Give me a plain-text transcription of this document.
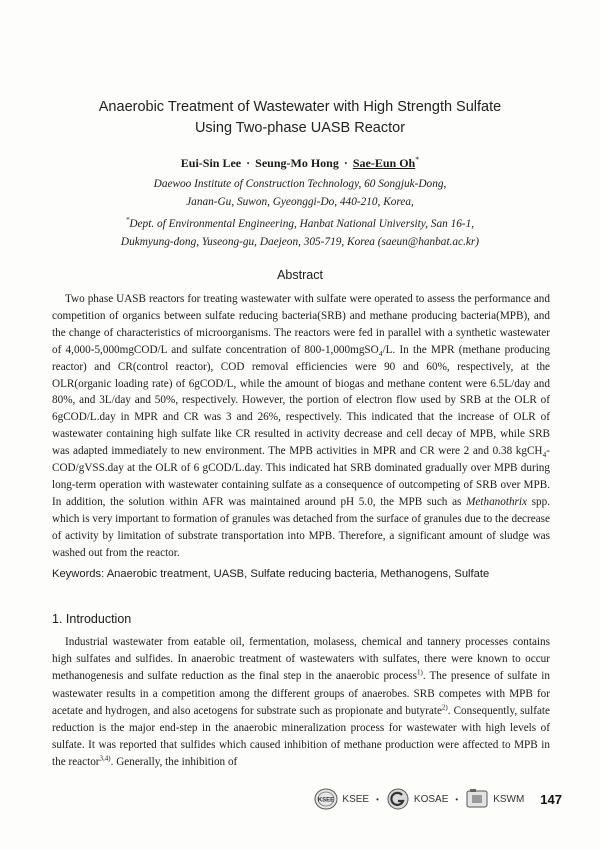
Anaerobic Treatment of Wastewater with High Strength Sulfate
Using Two-phase UASB Reactor
Eui-Sin Lee · Seung-Mo Hong · Sae-Eun Oh*
Daewoo Institute of Construction Technology, 60 Songjuk-Dong,
Janan-Gu, Suwon, Gyeonggi-Do, 440-210, Korea,
*Dept. of Environmental Engineering, Hanbat National University, San 16-1,
Dukmyung-dong, Yuseong-gu, Daejeon, 305-719, Korea (saeun@hanbat.ac.kr)
Abstract

Two phase UASB reactors for treating wastewater with sulfate were operated to assess the performance and competition of organics between sulfate reducing bacteria(SRB) and methane producing bacteria(MPB), and the change of characteristics of microorganisms. The reactors were fed in parallel with a synthetic wastewater of 4,000-5,000mgCOD/L and sulfate concentration of 800-1,000mgSO$_4$/L. In the MPR (methane producing reactor) and CR(control reactor), COD removal efficiencies were 90 and 60%, respectively, at the OLR(organic loading rate) of 6gCOD/L, while the amount of biogas and methane content were 6.5L/day and 80%, and 3L/day and 50%, respectively. However, the portion of electron flow used by SRB at the OLR of 6gCOD/L.day in MPR and CR was 3 and 26%, respectively. This indicated that the increase of OLR of wastewater containing high sulfate like CR resulted in activity decrease and cell decay of MPB, while SRB was adapted immediately to new environment. The MPB activities in MPR and CR were 2 and 0.38 kgCH$_4$-COD/gVSS.day at the OLR of 6 gCOD/L.day. This indicated hat SRB dominated gradually over MPB during long-term operation with wastewater containing sulfate as a consequence of outcompeting of SRB over MPB. In addition, the solution within AFR was maintained around pH 5.0, the MPB such as Methanothrix spp. which is very important to formation of granules was detached from the surface of granules due to the decrease of activity by limitation of substrate transportation into MPB. Therefore, a significant amount of sludge was washed out from the reactor.

Keywords: Anaerobic treatment, UASB, Sulfate reducing bacteria, Methanogens, Sulfate
1. Introduction

Industrial wastewater from eatable oil, fermentation, molasess, chemical and tannery processes contains high sulfates and sulfides. In anaerobic treatment of wastewaters with sulfates, there were known to occur methanogenesis and sulfate reduction as the final step in the anaerobic process$^{1)}$. The presence of sulfate in wastewater results in a competition among the different groups of anaerobes. SRB competes with MPB for acetate and hydrogen, and also acetogens for substrate such as propionate and butyrate$^{2)}$. Consequently, sulfate reduction is the major end-step in the anaerobic mineralization process for wastewater with high levels of sulfate. It was reported that sulfides which caused inhibition of methane production were affected to MPB in the reactor$^{3,4)}$. Generally, the inhibition of

KSEE KSEE •	KOSAE •	KSWM 147
